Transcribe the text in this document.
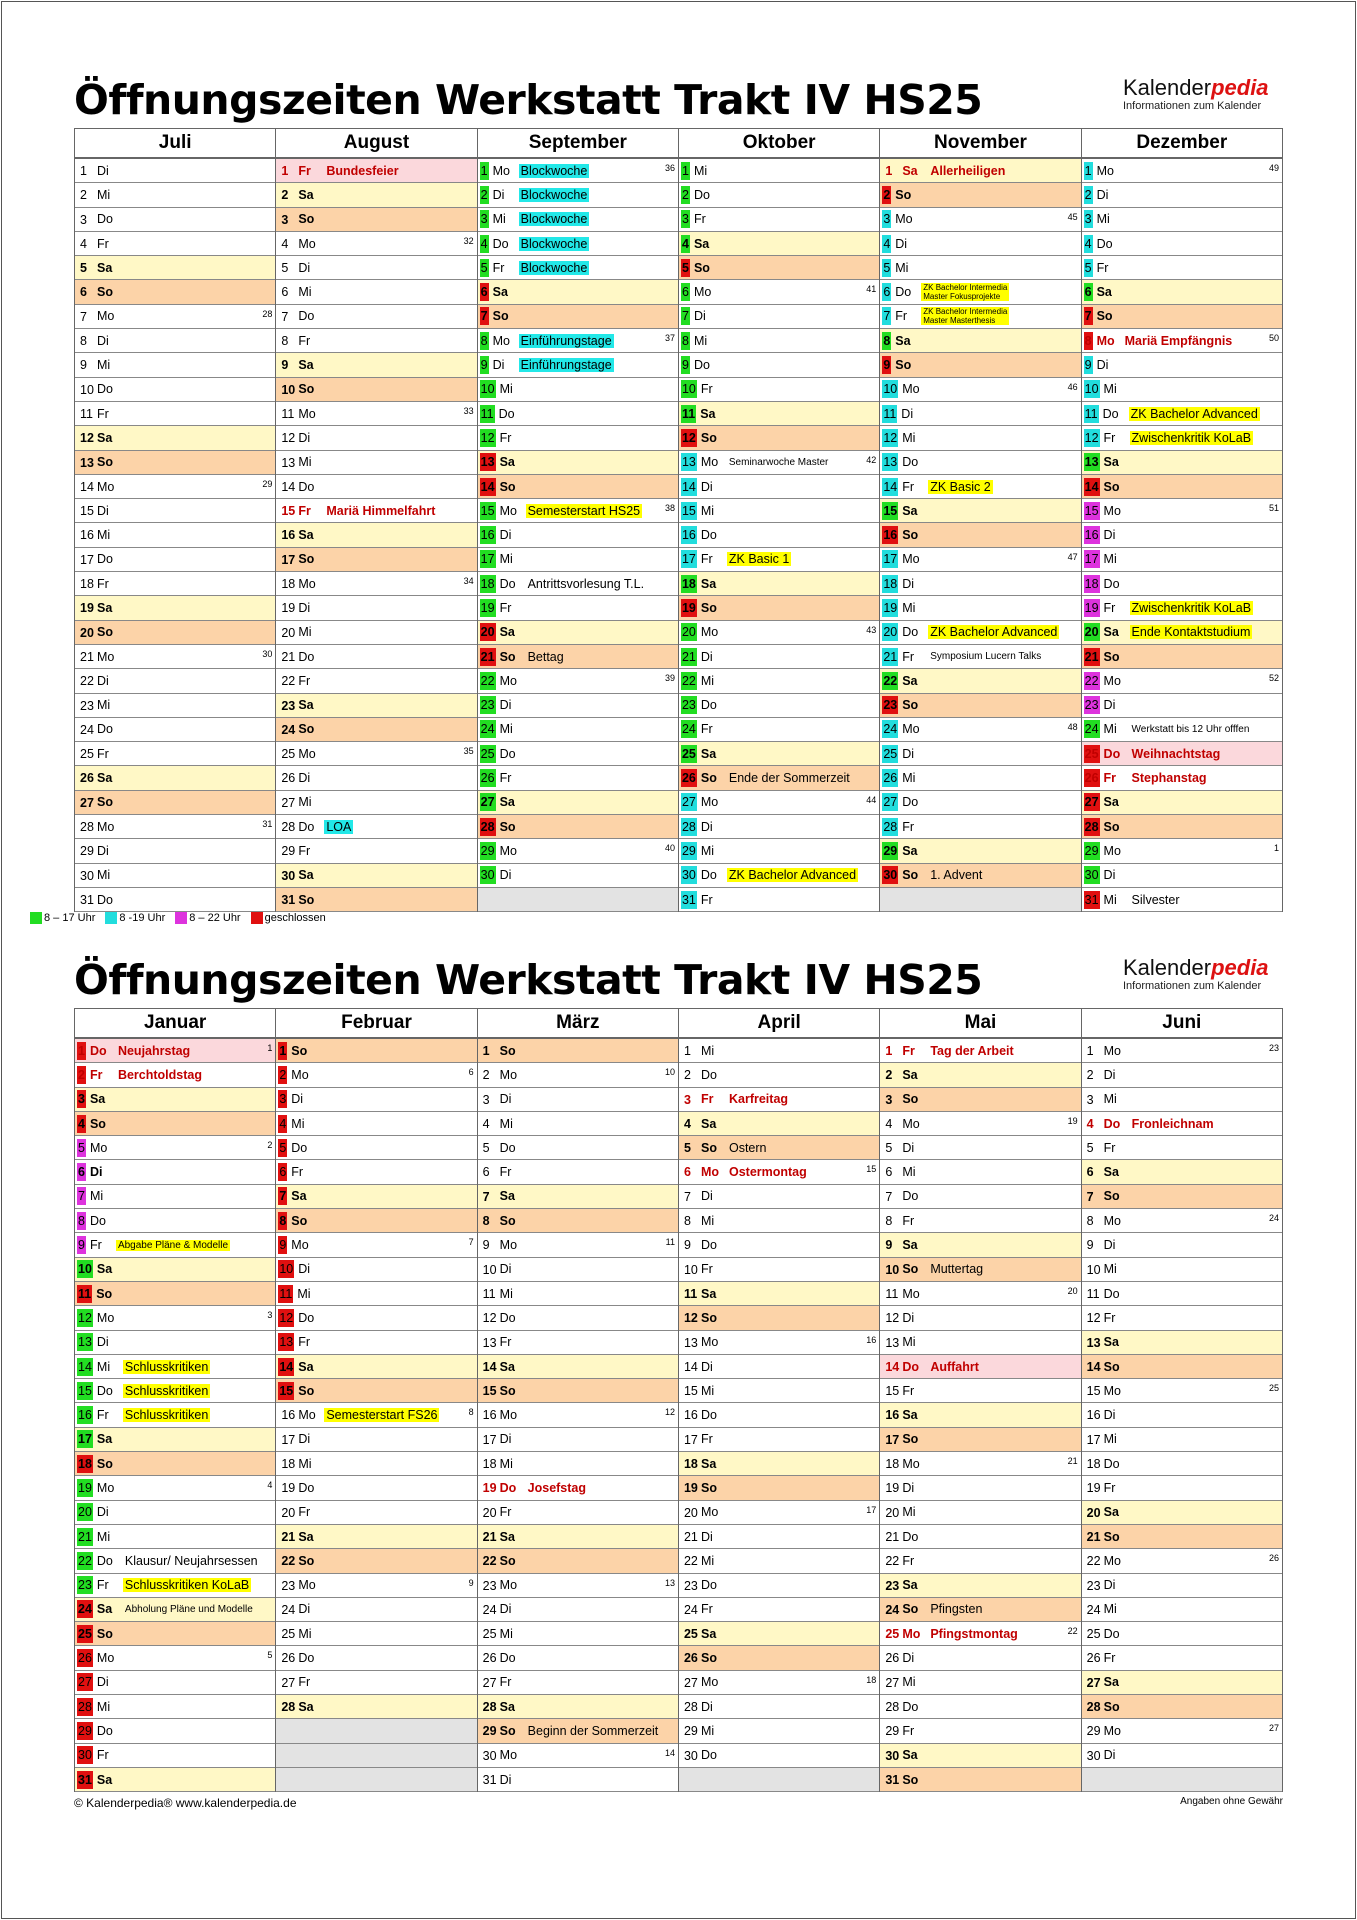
Öffnungszeiten Werkstatt Trakt IV HS25	Kalenderpedia
Informationen zum Kalender
Juli
1 Di
2 Mi
3 Do
4 Fr
5 Sa
6 So
7 Mo	28
8 Di
9 Mi
10 Do
11 Fr
12 Sa
13 So
14 Mo	29
15 Di
16 Mi
17 Do
18 Fr
19 Sa
20 So
21 Mo	30
22 Di
23 Mi
24 Do
25 Fr
26 Sa
27 So
28 Mo	31
29 Di
30 Mi
31 Do
August
1 Fr	Bundesfeier
2 Sa
3 So
4 Mo	32
5 Di
6 Mi
7 Do
8 Fr
9 Sa
10 So
11 Mo	33
12 Di
13 Mi
14 Do
15 Fr	Mariä Himmelfahrt
16 Sa
17 So
18 Mo	34
19 Di
20 Mi
21 Do
22 Fr
23 Sa
24 So
25 Mo	35
26 Di
27 Mi
28 Do LOA
29 Fr
30 Sa
31 So
September
1 Mo Blockwoche	36
2 Di	Blockwoche
3 Mi	Blockwoche
4 Do Blockwoche
5 Fr	Blockwoche
6 Sa
7 So
8 Mo Einführungstage	37
9 Di	Einführungstage
10 Mi
11 Do
12 Fr
13 Sa
14 So
15 Mo Semesterstart HS25	38
16 Di
17 Mi
18 Do Antrittsvorlesung T.L.
19 Fr
20 Sa
21 So Bettag
22 Mo	39
23 Di
24 Mi
25 Do
26 Fr
27 Sa
28 So
29 Mo	40
30 Di
Oktober
1 Mi
2 Do
3 Fr
4 Sa
5 So
6 Mo	41
7 Di
8 Mi
9 Do
10 Fr
11 Sa
12 So
13 Mo	Seminarwoche Master	42
14 Di
15 Mi
16 Do
17 Fr	ZK Basic 1
18 Sa
19 So
20 Mo	43
21 Di
22 Mi
23 Do
24 Fr
25 Sa
26 So Ende der Sommerzeit
27 Mo	44
28 Di
29 Mi
30 Do ZK Bachelor Advanced
31 Fr
November
1 Sa	Allerheiligen
2 So
3 Mo	45
4 Di
5 Mi
6 Do	ZK Bachelor Intermedia
Master Fokusprojekte
7 Fr	ZK Bachelor Intermedia
Master Masterthesis
8 Sa
9 So
10 Mo	46
11 Di
12 Mi
13 Do
14 Fr	ZK Basic 2
15 Sa
16 So
17 Mo	47
18 Di
19 Mi
20 Do ZK Bachelor Advanced
21 Fr	Symposium Lucern Talks
22 Sa
23 So
24 Mo	48
25 Di
26 Mi
27 Do
28 Fr
29 Sa
30 So 1. Advent
Dezember
1 Mo	49
2 Di
3 Mi
4 Do
5 Fr
6 Sa
7 So
8 Mo Mariä Empfängnis	50
9 Di
10 Mi
11 Do ZK Bachelor Advanced
12 Fr	Zwischenkritik KoLaB
13 Sa
14 So
15 Mo	51
16 Di
17 Mi
18 Do
19 Fr	Zwischenkritik KoLaB
20 Sa	Ende Kontaktstudium
21 So
22 Mo	52
23 Di
24 Mi	Werkstatt bis 12 Uhr offfen
25 Do Weihnachtstag
26 Fr	Stephanstag
27 Sa
28 So
29 Mo	1
30 Di
31 Mi	Silvester
8 – 17 Uhr 8 -19 Uhr 8 – 22 Uhr geschlossen
Öffnungszeiten Werkstatt Trakt IV HS25	Kalenderpedia
Informationen zum Kalender
Januar
1 Do Neujahrstag	1
2 Fr	Berchtoldstag
3 Sa
4 So
5 Mo	2
6 Di
7 Mi
8 Do
9 Fr	Abgabe Pläne & Modelle
10 Sa
11 So
12 Mo	3
13 Di
14 Mi	Schlusskritiken
15 Do Schlusskritiken
16 Fr	Schlusskritiken
17 Sa
18 So
19 Mo	4
20 Di
21 Mi
22 Do Klausur/ Neujahrsessen
23 Fr	Schlusskritiken KoLaB
24 Sa	Abholung Pläne und Modelle
25 So
26 Mo	5
27 Di
28 Mi
29 Do
30 Fr
31 Sa
Februar
1 So
2 Mo	6
3 Di
4 Mi
5 Do
6 Fr
7 Sa
8 So
9 Mo	7
10 Di
11 Mi
12 Do
13 Fr
14 Sa
15 So
16 Mo Semesterstart FS26	8
17 Di
18 Mi
19 Do
20 Fr
21 Sa
22 So
23 Mo	9
24 Di
25 Mi
26 Do
27 Fr
28 Sa
März
1 So
2 Mo	10
3 Di
4 Mi
5 Do
6 Fr
7 Sa
8 So
9 Mo	11
10 Di
11 Mi
12 Do
13 Fr
14 Sa
15 So
16 Mo	12
17 Di
18 Mi
19 Do Josefstag
20 Fr
21 Sa
22 So
23 Mo	13
24 Di
25 Mi
26 Do
27 Fr
28 Sa
29 So Beginn der Sommerzeit
30 Mo	14
31 Di
April
1 Mi
2 Do
3 Fr	Karfreitag
4 Sa
5 So Ostern
6 Mo Ostermontag	15
7 Di
8 Mi
9 Do
10 Fr
11 Sa
12 So
13 Mo	16
14 Di
15 Mi
16 Do
17 Fr
18 Sa
19 So
20 Mo	17
21 Di
22 Mi
23 Do
24 Fr
25 Sa
26 So
27 Mo	18
28 Di
29 Mi
30 Do
Mai
1 Fr	Tag der Arbeit
2 Sa
3 So
4 Mo	19
5 Di
6 Mi
7 Do
8 Fr
9 Sa
10 So Muttertag
11 Mo	20
12 Di
13 Mi
14 Do Auffahrt
15 Fr
16 Sa
17 So
18 Mo	21
19 Di
20 Mi
21 Do
22 Fr
23 Sa
24 So Pfingsten
25 Mo Pfingstmontag	22
26 Di
27 Mi
28 Do
29 Fr
30 Sa
31 So
Juni
1 Mo	23
2 Di
3 Mi
4 Do Fronleichnam
5 Fr
6 Sa
7 So
8 Mo	24
9 Di
10 Mi
11 Do
12 Fr
13 Sa
14 So
15 Mo	25
16 Di
17 Mi
18 Do
19 Fr
20 Sa
21 So
22 Mo	26
23 Di
24 Mi
25 Do
26 Fr
27 Sa
28 So
29 Mo	27
30 Di
© Kalenderpedia® www.kalenderpedia.de	Angaben ohne Gewähr
